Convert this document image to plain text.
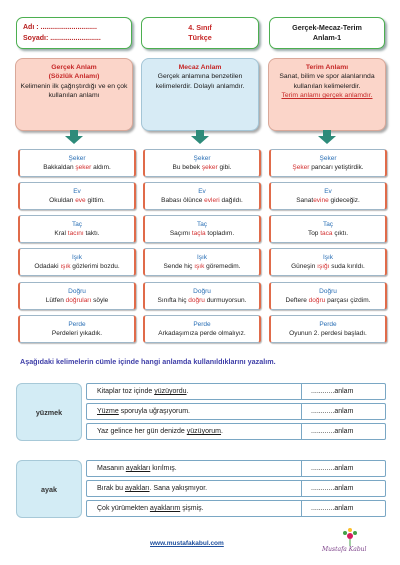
Adı : .............................
Soyadı: ..........................
4. Sınıf
Türkçe
Gerçek-Mecaz-Terim
Anlam-1
Gerçek Anlam
(Sözlük Anlamı)
Kelimenin ilk çağrıştırdığı ve en çok kullanılan anlamı
Mecaz Anlam
Gerçek anlamına benzetilen kelimelerdir. Dolaylı anlamdır.
Terim Anlamı
Sanat, bilim ve spor alanlarında kullanılan kelimelerdir.
Terim anlamı gerçek anlamdır.
Şeker
Bakkaldan şeker aldım.
Şeker
Bu bebek şeker gibi.
Şeker
Şeker pancarı yetiştirdik.
Ev
Okuldan eve gittim.
Ev
Babası ölünce evleri dağıldı.
Ev
Sanatevine gideceğiz.
Taç
Kral tacını taktı.
Taç
Saçımı taçla topladım.
Taç
Top taca çıktı.
Işık
Odadaki ışık gözlerimi bozdu.
Işık
Sende hiç ışık göremedim.
Işık
Güneşin ışığı suda kırıldı.
Doğru
Lütfen doğruları söyle
Doğru
Sınıfta hiç doğru durmuyorsun.
Doğru
Deftere doğru parçası çizdim.
Perde
Perdeleri yıkadık.
Perde
Arkadaşımıza perde olmalıyız.
Perde
Oyunun 2. perdesi başladı.
Aşağıdaki kelimelerin cümle içinde hangi anlamda kullanıldıklarını yazalım.
yüzmek
Kitaplar toz içinde yüzüyordu.	............anlam
Yüzme sporuyla uğraşıyorum.	............anlam
Yaz gelince her gün denizde yüzüyorum.	............anlam
ayak
Masanın ayakları kırılmış.	............anlam
Bırak bu ayakları. Sana yakışmıyor.	............anlam
Çok yürümekten ayaklarım şişmiş.	............anlam
www.mustafakabul.com
Mustafa Kabul
